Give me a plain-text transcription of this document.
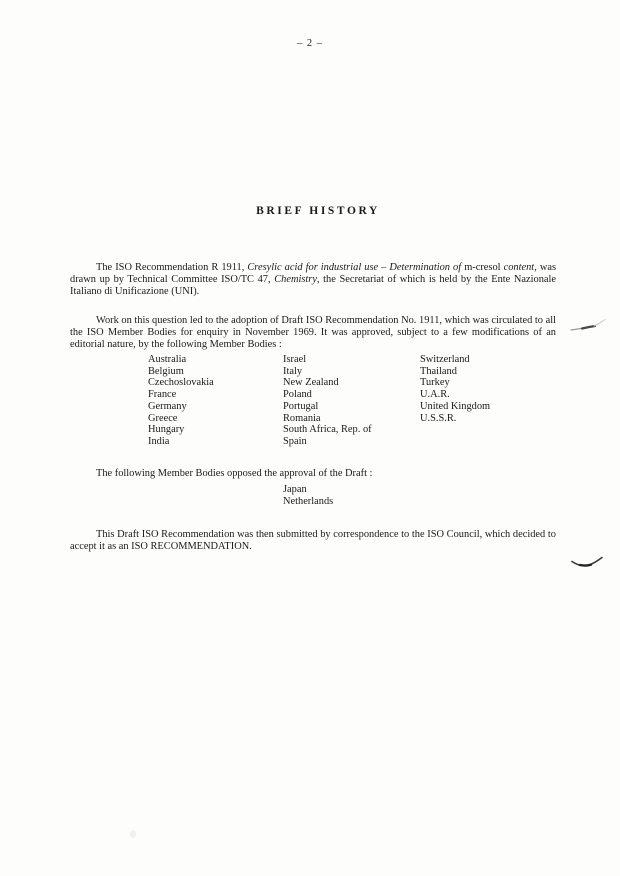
– 2 –
BRIEF HISTORY

The ISO Recommendation R 1911, Cresylic acid for industrial use – Determination of m-cresol content, was drawn up by Technical Committee ISO/TC 47, Chemistry, the Secretariat of which is held by the Ente Nazionale Italiano di Unificazione (UNI).

Work on this question led to the adoption of Draft ISO Recommendation No. 1911, which was circulated to all the ISO Member Bodies for enquiry in November 1969. It was approved, subject to a few modifications of an editorial nature, by the following Member Bodies :

Australia
Belgium
Czechoslovakia
France
Germany
Greece
Hungary
India
Israel
Italy
New Zealand
Poland
Portugal
Romania
South Africa, Rep. of
Spain
Switzerland
Thailand
Turkey
U.A.R.
United Kingdom
U.S.S.R.

The following Member Bodies opposed the approval of the Draft :

Japan
Netherlands

This Draft ISO Recommendation was then submitted by correspondence to the ISO Council, which decided to accept it as an ISO RECOMMENDATION.
